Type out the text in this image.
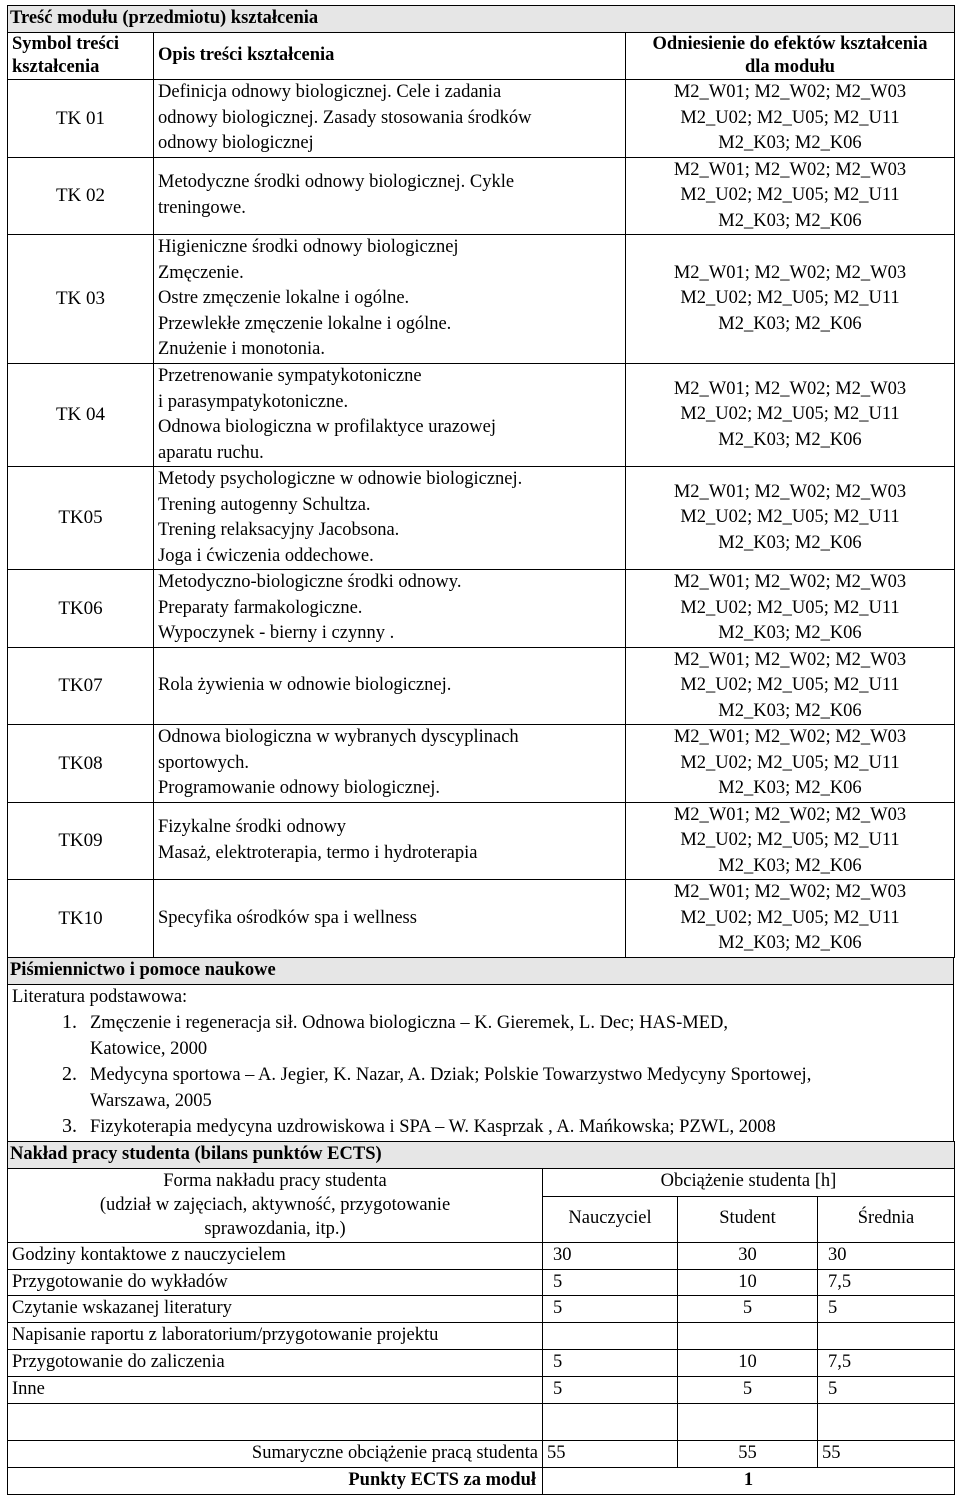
Treść modułu (przedmiotu) kształcenia		

Symbol treści
kształcenia	Opis treści kształcenia	Odniesienie do efektów kształcenia
dla modułu

TK 01	Definicja odnowy biologicznej. Cele i zadania
odnowy biologicznej. Zasady stosowania środków
odnowy biologicznej	M2_W01; M2_W02; M2_W03
M2_U02; M2_U05; M2_U11
M2_K03; M2_K06

TK 02	Metodyczne środki odnowy biologicznej. Cykle
treningowe.	M2_W01; M2_W02; M2_W03
M2_U02; M2_U05; M2_U11
M2_K03; M2_K06

TK 03	Higieniczne środki odnowy biologicznej
Zmęczenie.
Ostre zmęczenie lokalne i ogólne.
Przewlekłe zmęczenie lokalne i ogólne.
Znużenie i monotonia.	M2_W01; M2_W02; M2_W03
M2_U02; M2_U05; M2_U11
M2_K03; M2_K06

TK 04	Przetrenowanie sympatykotoniczne
i parasympatykotoniczne.
Odnowa biologiczna w profilaktyce urazowej
aparatu ruchu.	M2_W01; M2_W02; M2_W03
M2_U02; M2_U05; M2_U11
M2_K03; M2_K06

TK05	Metody psychologiczne w odnowie biologicznej.
Trening autogenny Schultza.
Trening relaksacyjny Jacobsona.
Joga i ćwiczenia oddechowe.	M2_W01; M2_W02; M2_W03
M2_U02; M2_U05; M2_U11
M2_K03; M2_K06

TK06	Metodyczno-biologiczne środki odnowy.
Preparaty farmakologiczne.
Wypoczynek - bierny i czynny .	M2_W01; M2_W02; M2_W03
M2_U02; M2_U05; M2_U11
M2_K03; M2_K06

TK07	Rola żywienia w odnowie biologicznej.	M2_W01; M2_W02; M2_W03
M2_U02; M2_U05; M2_U11
M2_K03; M2_K06

TK08	Odnowa biologiczna w wybranych dyscyplinach
sportowych.
Programowanie odnowy biologicznej.	M2_W01; M2_W02; M2_W03
M2_U02; M2_U05; M2_U11
M2_K03; M2_K06

TK09	Fizykalne środki odnowy
Masaż, elektroterapia, termo i hydroterapia	M2_W01; M2_W02; M2_W03
M2_U02; M2_U05; M2_U11
M2_K03; M2_K06

TK10	Specyfika ośrodków spa i wellness	M2_W01; M2_W02; M2_W03
M2_U02; M2_U05; M2_U11
M2_K03; M2_K06
Piśmiennictwo i pomoce naukowe

Literatura podstawowa:
1. Zmęczenie i regeneracja sił. Odnowa biologiczna – K. Gieremek, L. Dec; HAS-MED,
Katowice, 2000
2. Medycyna sportowa – A. Jegier, K. Nazar, A. Dziak; Polskie Towarzystwo Medycyny Sportowej,
Warszawa, 2005
3. Fizykoterapia medycyna uzdrowiskowa i SPA – W. Kasprzak , A. Mańkowska; PZWL, 2008
Nakład pracy studenta (bilans punktów ECTS)			

Forma nakładu pracy studenta
(udział w zajęciach, aktywność, przygotowanie
sprawozdania, itp.)	Obciążenie studenta [h]		
	Nauczyciel	Student	Średnia
Godziny kontaktowe z nauczycielem	30	30	30
Przygotowanie do wykładów	5	10	7,5
Czytanie wskazanej literatury	5	5	5
Napisanie raportu z laboratorium/przygotowanie projektu			
Przygotowanie do zaliczenia	5	10	7,5
Inne	5	5	5

Sumaryczne obciążenie pracą studenta	55	55	55
Punkty ECTS za moduł	1		
